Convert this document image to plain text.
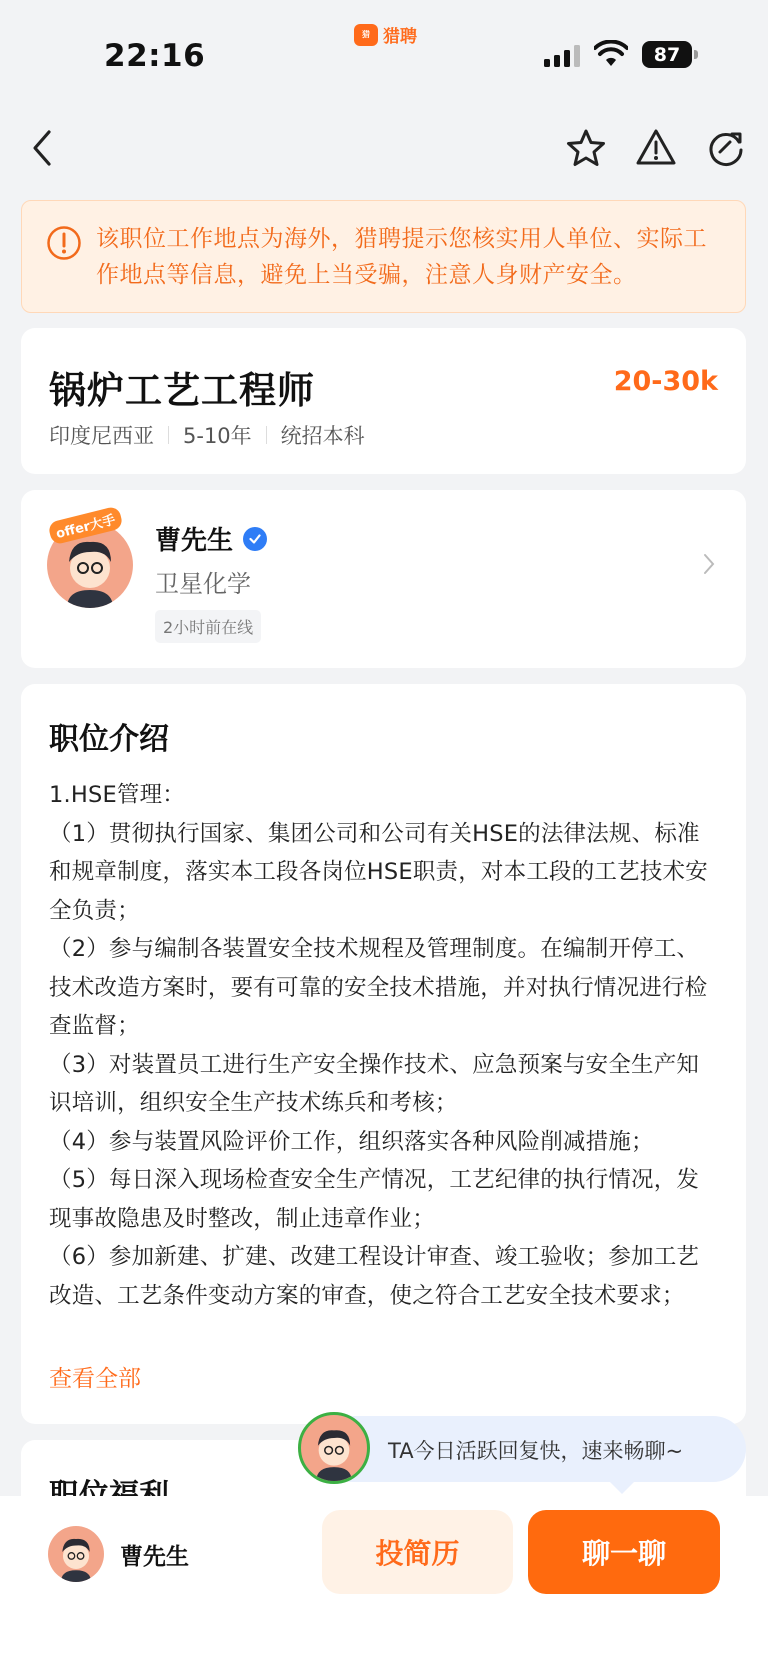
22:16
猎 猎聘
87
该职位工作地点为海外，猎聘提示您核实用人单位、实际工作地点等信息，避免上当受骗，注意人身财产安全。
锅炉工艺工程师	20-30k
印度尼西亚 5-10年 统招本科
offer大手 曹先生
卫星化学
2小时前在线
职位介绍
1.HSE管理：
（1）贯彻执行国家、集团公司和公司有关HSE的法律法规、标准和规章制度，落实本工段各岗位HSE职责，对本工段的工艺技术安全负责；
（2）参与编制各装置安全技术规程及管理制度。在编制开停工、技术改造方案时，要有可靠的安全技术措施，并对执行情况进行检查监督；
（3）对装置员工进行生产安全操作技术、应急预案与安全生产知识培训，组织安全生产技术练兵和考核；
（4）参与装置风险评价工作，组织落实各种风险削减措施；
（5）每日深入现场检查安全生产情况，工艺纪律的执行情况，发现事故隐患及时整改，制止违章作业；
（6）参加新建、扩建、改建工程设计审查、竣工验收；参加工艺改造、工艺条件变动方案的审查，使之符合工艺安全技术要求；
查看全部
TA今日活跃回复快，速来畅聊~
曹先生	投简历	聊一聊
